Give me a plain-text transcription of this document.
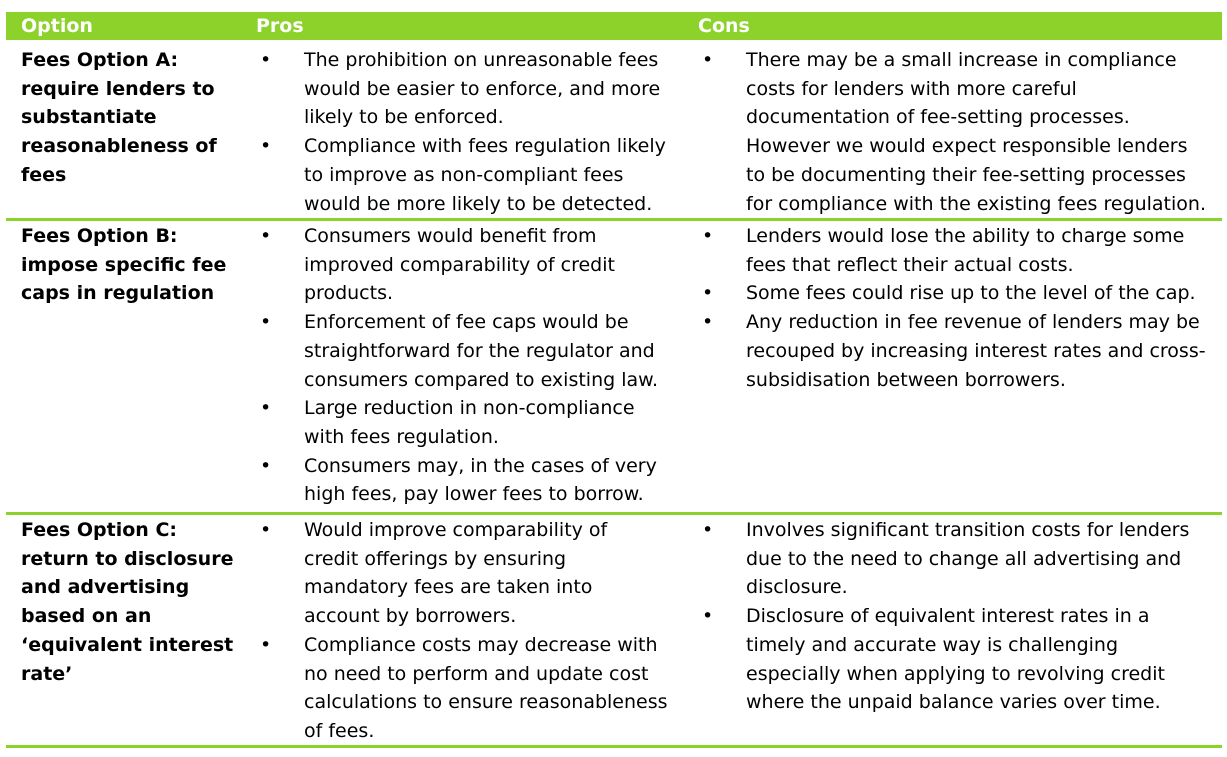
Option	Pros	Cons
Fees Option A:
require lenders to
substantiate
reasonableness of
fees
• The prohibition on unreasonable fees
would be easier to enforce, and more
likely to be enforced.
• Compliance with fees regulation likely
to improve as non-compliant fees
would be more likely to be detected.
• There may be a small increase in compliance
costs for lenders with more careful
documentation of fee-setting processes.
However we would expect responsible lenders
to be documenting their fee-setting processes
for compliance with the existing fees regulation.
Fees Option B:
impose specific fee
caps in regulation
• Consumers would benefit from
improved comparability of credit
products.
• Enforcement of fee caps would be
straightforward for the regulator and
consumers compared to existing law.
• Large reduction in non-compliance
with fees regulation.
• Consumers may, in the cases of very
high fees, pay lower fees to borrow.
• Lenders would lose the ability to charge some
fees that reflect their actual costs.
• Some fees could rise up to the level of the cap.
• Any reduction in fee revenue of lenders may be
recouped by increasing interest rates and cross-
subsidisation between borrowers.
Fees Option C:
return to disclosure
and advertising
based on an
‘equivalent interest
rate’
• Would improve comparability of
credit offerings by ensuring
mandatory fees are taken into
account by borrowers.
• Compliance costs may decrease with
no need to perform and update cost
calculations to ensure reasonableness
of fees.
• Involves significant transition costs for lenders
due to the need to change all advertising and
disclosure.
• Disclosure of equivalent interest rates in a
timely and accurate way is challenging
especially when applying to revolving credit
where the unpaid balance varies over time.
